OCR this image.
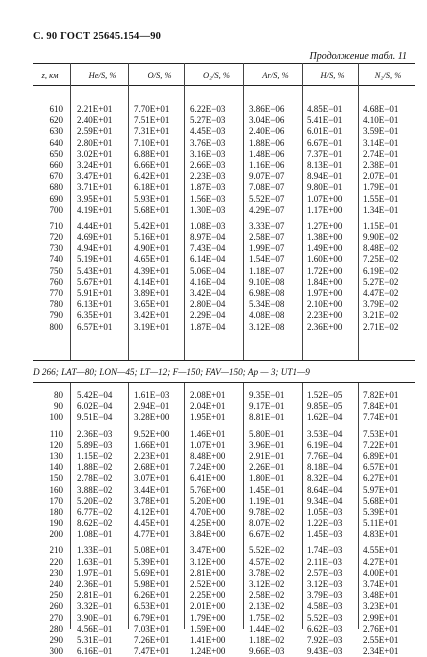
С. 90 ГОСТ 25645.154—90
Продолжение табл. 11
z, км	He/S, %	O/S, %	O₂/S, %	Ar/S, %	H/S, %	N₂/S, %
610 2.21E+01 7.70E+01 6.22E−03	3.86E−06	4.85E−01 4.68E−01
620 2.40E+01 7.51E+01 5.27E−03	3.04E−06	5.41E−01 4.10E−01
630 2.59E+01 7.31E+01 4.45E−03	2.40E−06	6.01E−01 3.59E−01
640 2.80E+01 7.10E+01 3.76E−03	1.88E−06	6.67E−01 3.14E−01
650 3.02E+01 6.88E+01 3.16E−03	1.48E−06	7.37E−01 2.74E−01
660 3.24E+01 6.66E+01 2.66E−03	1.16E−06	8.13E−01 2.38E−01
670 3.47E+01 6.42E+01 2.23E−03	9.07E−07	8.94E−01 2.07E−01
680 3.71E+01 6.18E+01 1.87E−03	7.08E−07	9.80E−01 1.79E−01
690 3.95E+01 5.93E+01 1.56E−03	5.52E−07	1.07E+00 1.55E−01
700 4.19E+01 5.68E+01 1.30E−03	4.29E−07	1.17E+00 1.34E−01
710 4.44E+01 5.42E+01 1.08E−03	3.33E−07	1.27E+00 1.15E−01
720 4.69E+01 5.16E+01 8.97E−04	2.58E−07	1.38E+00 9.90E−02
730 4.94E+01 4.90E+01 7.43E−04	1.99E−07	1.49E+00 8.48E−02
740 5.19E+01 4.65E+01 6.14E−04	1.54E−07	1.60E+00 7.25E−02
750 5.43E+01 4.39E+01 5.06E−04	1.18E−07	1.72E+00 6.19E−02
760 5.67E+01 4.14E+01 4.16E−04	9.10E−08	1.84E+00 5.27E−02
770 5.91E+01 3.89E+01 3.42E−04	6.98E−08	1.97E+00 4.47E−02
780 6.13E+01 3.65E+01 2.80E−04	5.34E−08	2.10E+00 3.79E−02
790 6.35E+01 3.42E+01 2.29E−04	4.08E−08	2.23E+00 3.21E−02
800 6.57E+01 3.19E+01 1.87E−04	3.12E−08	2.36E+00 2.71E−02
D 266; LAT—80; LON—45; LT—12; F—150; FAV—150; Ap — 3; UT1—9
80 5.42E−04 1.61E−03 2.08E+01	9.35E−01	1.52E−05 7.82E+01
90 6.02E−04 2.94E−01 2.04E+01	9.17E−01	9.85E−05 7.84E+01
100 9.51E−04 3.28E+00 1.95E+01	8.81E−01	1.62E−04 7.74E+01
110 2.36E−03 9.52E+00 1.46E+01	5.80E−01	3.53E−04 7.53E+01
120 5.89E−03 1.66E+01 1.07E+01	3.96E−01	6.19E−04 7.22E+01
130 1.15E−02 2.23E+01 8.48E+00	2.91E−01	7.76E−04 6.89E+01
140 1.88E−02 2.68E+01 7.24E+00	2.26E−01	8.18E−04 6.57E+01
150 2.78E−02 3.07E+01 6.41E+00	1.80E−01	8.32E−04 6.27E+01
160 3.88E−02 3.44E+01 5.76E+00	1.45E−01	8.64E−04 5.97E+01
170 5.20E−02 3.78E+01 5.20E+00	1.19E−01	9.34E−04 5.68E+01
180 6.77E−02 4.12E+01 4.70E+00	9.78E−02	1.05E−03 5.39E+01
190 8.62E−02 4.45E+01 4.25E+00	8.07E−02	1.22E−03 5.11E+01
200 1.08E−01 4.77E+01 3.84E+00	6.67E−02	1.45E−03 4.83E+01
210 1.33E−01 5.08E+01 3.47E+00	5.52E−02	1.74E−03 4.55E+01
220 1.63E−01 5.39E+01 3.12E+00	4.57E−02	2.11E−03 4.27E+01
230 1.97E−01 5.69E+01 2.81E+00	3.78E−02	2.57E−03 4.00E+01
240 2.36E−01 5.98E+01 2.52E+00	3.12E−02	3.12E−03 3.74E+01
250 2.81E−01 6.26E+01 2.25E+00	2.58E−02	3.79E−03 3.48E+01
260 3.32E−01 6.53E+01 2.01E+00	2.13E−02	4.58E−03 3.23E+01
270 3.90E−01 6.79E+01 1.79E+00	1.75E−02	5.52E−03 2.99E+01
280 4.56E−01 7.03E+01 1.59E+00	1.44E−02	6.62E−03 2.76E+01
290 5.31E−01 7.26E+01 1.41E+00	1.18E−02	7.92E−03 2.55E+01
300 6.16E−01 7.47E+01 1.24E+00	9.66E−03	9.43E−03 2.34E+01
